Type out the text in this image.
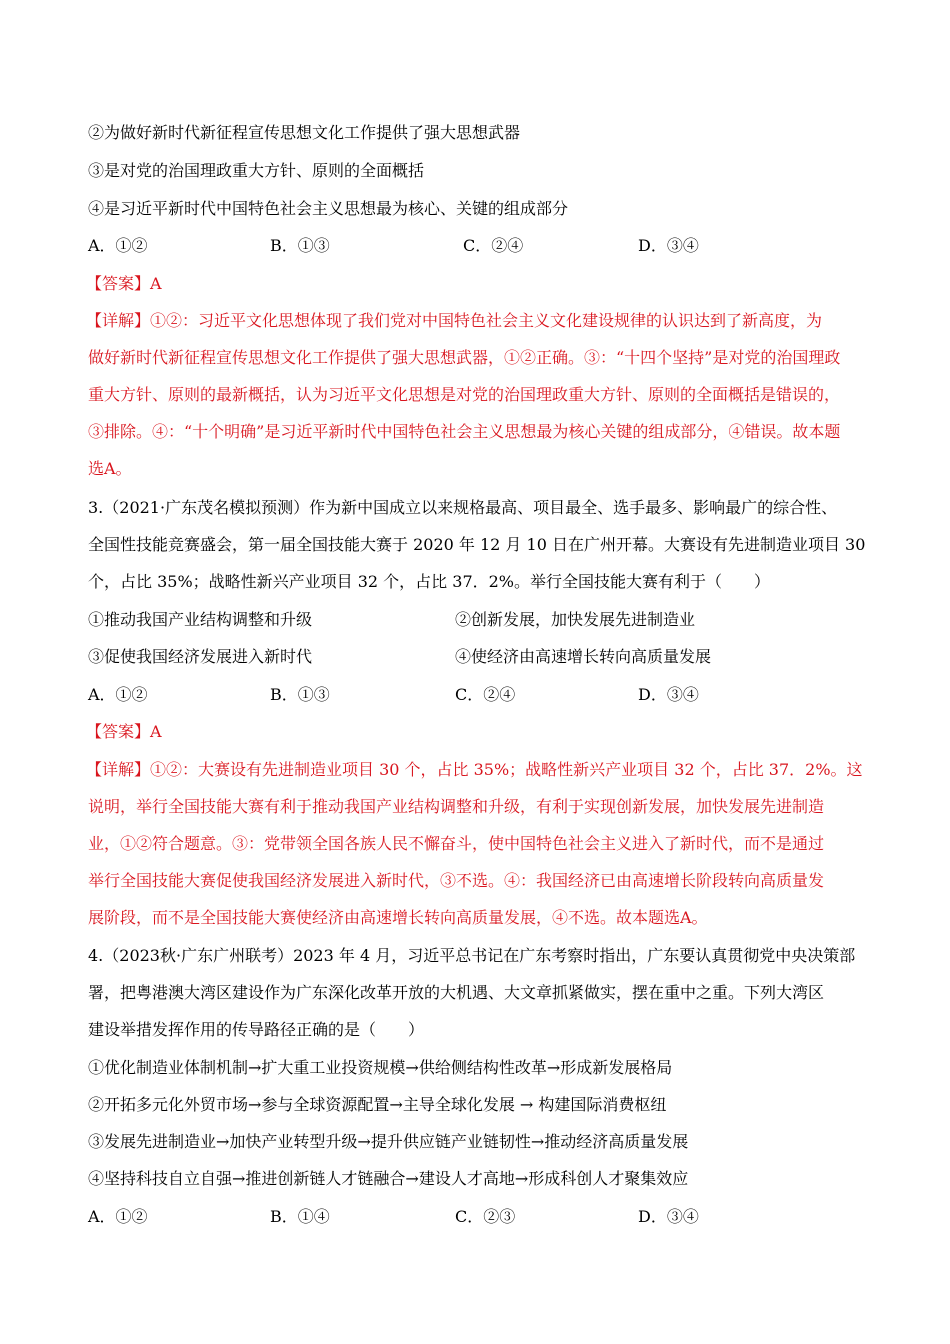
②为做好新时代新征程宣传思想文化工作提供了强大思想武器
③是对党的治国理政重大方针、原则的全面概括
④是习近平新时代中国特色社会主义思想最为核心、关键的组成部分
A．①②	B．①③	C．②④	D．③④
【答案】A
【详解】①②：习近平文化思想体现了我们党对中国特色社会主义文化建设规律的认识达到了新高度，为
做好新时代新征程宣传思想文化工作提供了强大思想武器，①②正确。③：“十四个坚持”是对党的治国理政
重大方针、原则的最新概括，认为习近平文化思想是对党的治国理政重大方针、原则的全面概括是错误的，
③排除。④：“十个明确”是习近平新时代中国特色社会主义思想最为核心关键的组成部分，④错误。故本题
选A。
3.（2021·广东茂名模拟预测）作为新中国成立以来规格最高、项目最全、选手最多、影响最广的综合性、
全国性技能竞赛盛会，第一届全国技能大赛于 2020 年 12 月 10 日在广州开幕。大赛设有先进制造业项目 30
个，占比 35%；战略性新兴产业项目 32 个，占比 37．2%。举行全国技能大赛有利于（　　）
①推动我国产业结构调整和升级	②创新发展，加快发展先进制造业
③促使我国经济发展进入新时代	④使经济由高速增长转向高质量发展
A．①②	B．①③	C．②④	D．③④
【答案】A
【详解】①②：大赛设有先进制造业项目 30 个，占比 35%；战略性新兴产业项目 32 个，占比 37．2%。这
说明，举行全国技能大赛有利于推动我国产业结构调整和升级，有利于实现创新发展，加快发展先进制造
业，①②符合题意。③：党带领全国各族人民不懈奋斗，使中国特色社会主义进入了新时代，而不是通过
举行全国技能大赛促使我国经济发展进入新时代，③不选。④：我国经济已由高速增长阶段转向高质量发
展阶段，而不是全国技能大赛使经济由高速增长转向高质量发展，④不选。故本题选A。
4.（2023秋·广东广州联考）2023 年 4 月，习近平总书记在广东考察时指出，广东要认真贯彻党中央决策部
署，把粤港澳大湾区建设作为广东深化改革开放的大机遇、大文章抓紧做实，摆在重中之重。下列大湾区
建设举措发挥作用的传导路径正确的是（　　）
①优化制造业体制机制→扩大重工业投资规模→供给侧结构性改革→形成新发展格局
②开拓多元化外贸市场→参与全球资源配置→主导全球化发展 → 构建国际消费枢纽
③发展先进制造业→加快产业转型升级→提升供应链产业链韧性→推动经济高质量发展
④坚持科技自立自强→推进创新链人才链融合→建设人才高地→形成科创人才聚集效应
A．①②	B．①④	C．②③	D．③④
